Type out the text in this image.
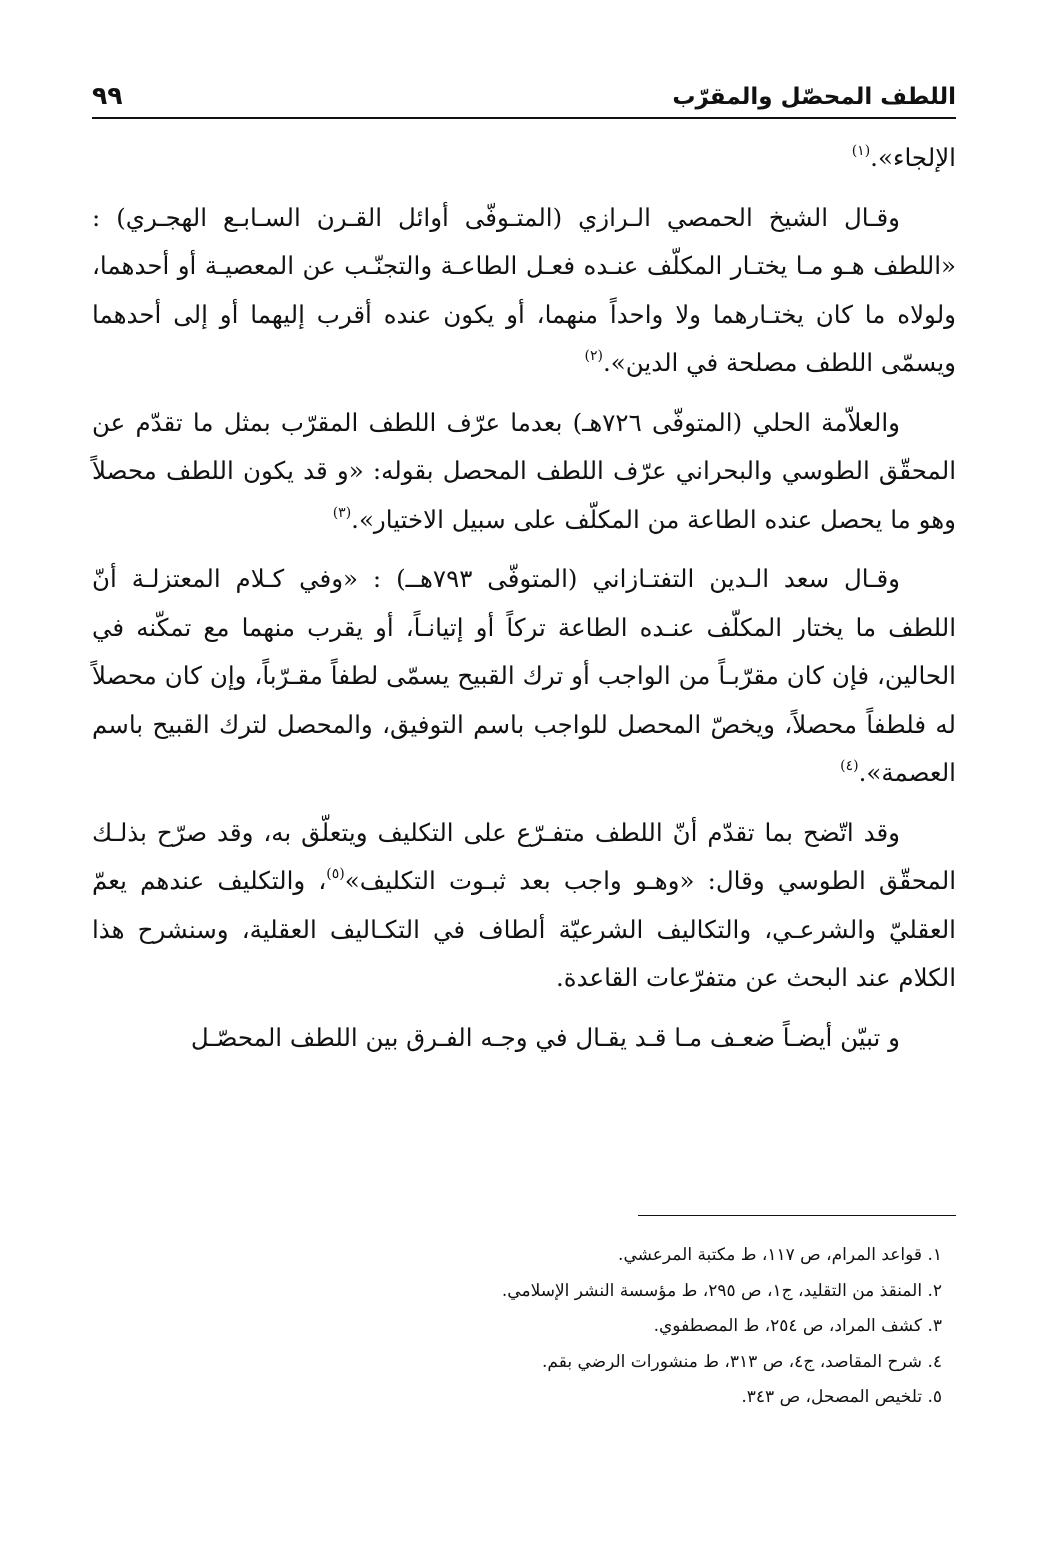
اللطف المحصّل والمقرّب
٩٩

الإلجاء».$^{(١)}$

وقـال الشيخ الحمصي الـرازي (المتـوفّى أوائل القـرن السـابـع الهجـري) : «اللطف هـو مـا يختـار المكلّف عنـده فعـل الطاعـة والتجنّـب عن المعصيـة أو أحدهما، ولولاه ما كان يختـارهما ولا واحداً منهما، أو يكون عنده أقرب إليهما أو إلى أحدهما ويسمّى اللطف مصلحة في الدين».$^{(٢)}$

والعلاّمة الحلي (المتوفّى ٧٢٦هـ) بعدما عرّف اللطف المقرّب بمثل ما تقدّم عن المحقّق الطوسي والبحراني عرّف اللطف المحصل بقوله: «و قد يكون اللطف محصلاً وهو ما يحصل عنده الطاعة من المكلّف على سبيل الاختيار».$^{(٣)}$

وقـال سعد الـدين التفتـازاني (المتوفّى ٧٩٣هــ) : «وفي كـلام المعتزلـة أنّ اللطف ما يختار المكلّف عنـده الطاعة تركاً أو إتيانـاً، أو يقرب منهما مع تمكّنه في الحالين، فإن كان مقرّبـاً من الواجب أو ترك القبيح يسمّى لطفاً مقـرّباً، وإن كان محصلاً له فلطفاً محصلاً، ويخصّ المحصل للواجب باسم التوفيق، والمحصل لترك القبيح باسم العصمة».$^{(٤)}$

وقد اتّضح بما تقدّم أنّ اللطف متفـرّع على التكليف ويتعلّق به، وقد صرّح بذلـك المحقّق الطوسي وقال: «وهـو واجب بعد ثبـوت التكليف»$^{(٥)}$، والتكليف عندهم يعمّ العقليّ والشرعـي، والتكاليف الشرعيّة ألطاف في التكـاليف العقلية، وسنشرح هذا الكلام عند البحث عن متفرّعات القاعدة.

و تبيّن أيضـاً ضعـف مـا قـد يقـال في وجـه الفـرق بين اللطف المحصّـل

١. قواعد المرام، ص ١١٧، ط مكتبة المرعشي.
٢. المنقذ من التقليد، ج١، ص ٢٩٥، ط مؤسسة النشر الإسلامي.
٣. كشف المراد، ص ٢٥٤، ط المصطفوي.
٤. شرح المقاصد، ج٤، ص ٣١٣، ط منشورات الرضي بقم.
٥. تلخيص المصحل، ص ٣٤٣.
